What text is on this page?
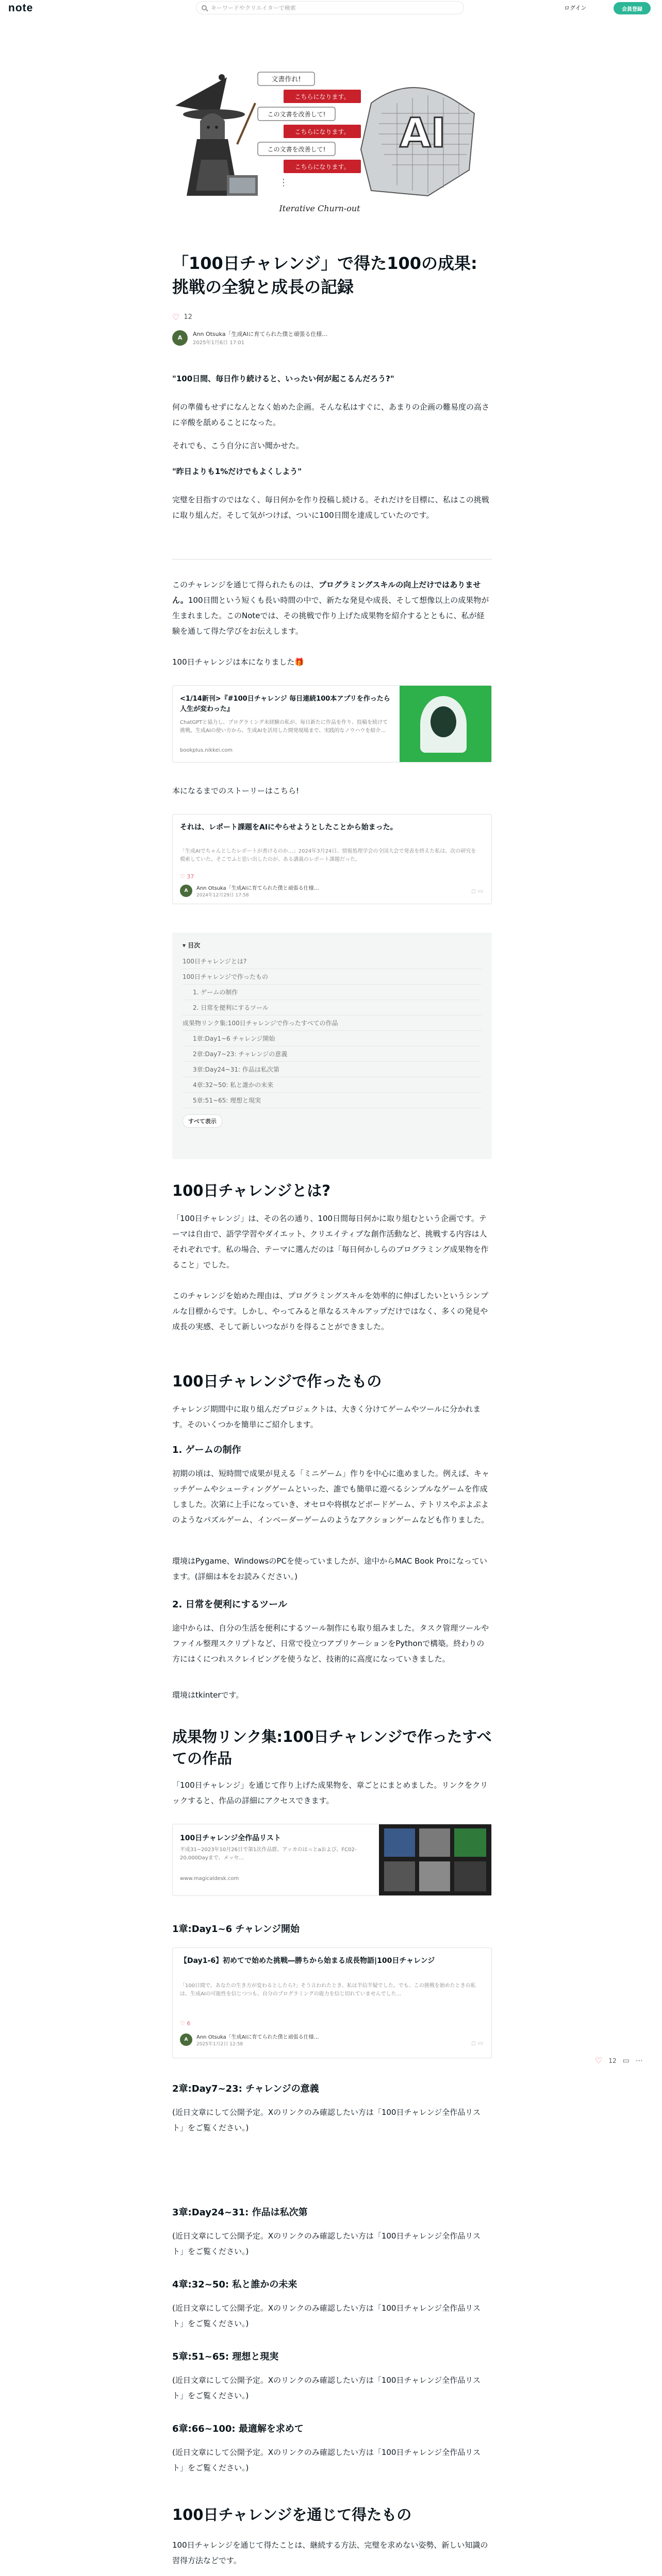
note	キーワードやクリエイターで検索	ログイン	会員登録
文書作れ!
こちらになります。
この文書を改善して!
こちらになります。
この文書を改善して!
こちらになります。
⋮
AI
Iterative Churn-out
「100日チャレンジ」で得た100の成果:挑戦の全貌と成長の記録
♡ 12
A
Ann Otsuka「生成AIに育てられた僕と頑張る仕様…
2025年1月6日 17:01

"100日間、毎日作り続けると、いったい何が起こるんだろう?"

何の準備もせずになんとなく始めた企画。そんな私はすぐに、あまりの企画の難易度の高さに辛酸を舐めることになった。

それでも、こう自分に言い聞かせた。

"昨日よりも1%だけでもよくしよう"

完璧を目指すのではなく、毎日何かを作り投稿し続ける。それだけを目標に、私はこの挑戦に取り組んだ。そして気がつけば、ついに100日間を達成していたのです。

このチャレンジを通じて得られたものは、プログラミングスキルの向上だけではありません。100日間という短くも長い時間の中で、新たな発見や成長、そして想像以上の成果物が生まれました。このNoteでは、その挑戦で作り上げた成果物を紹介するとともに、私が経験を通して得た学びをお伝えします。

100日チャレンジは本になりました🎁

<1/14新刊>『#100日チャレンジ 毎日連続100本アプリを作ったら人生が変わった』
ChatGPTと協力し、プログラミング未経験の私が、毎日新たに作品を作り、投稿を続けて挑戦。生成AIの使い方から、生成AIを活用した開発現場まで、実践的なノウハウを紹介…
bookplus.nikkei.com

本になるまでのストーリーはこちら!

それは、レポート課題をAIにやらせようとしたことから始まった。
「生成AIでちゃんとしたレポートが書けるのか…」2024年3月24日、情報処理学会の全国大会で発表を終えた私は、次の研究を模索していた。そこでふと思い出したのが、ある講義のレポート課題だった。
♡ 37
A	Ann Otsuka「生成AIに育てられた僕と頑張る仕様…
2024年12月29日 17:58
◻ ▭
▾ 目次
100日チャレンジとは?
100日チャレンジで作ったもの
1. ゲームの制作
2. 日常を便利にするツール
成果物リンク集:100日チャレンジで作ったすべての作品
1章:Day1~6 チャレンジ開始
2章:Day7~23: チャレンジの意義
3章:Day24~31: 作品は私次第
4章:32~50: 私と誰かの未来
5章:51~65: 理想と現実
すべて表示
100日チャレンジとは?

「100日チャレンジ」は、その名の通り、100日間毎日何かに取り組むという企画です。テーマは自由で、語学学習やダイエット、クリエイティブな創作活動など、挑戦する内容は人それぞれです。私の場合、テーマに選んだのは「毎日何かしらのプログラミング成果物を作ること」でした。

このチャレンジを始めた理由は、プログラミングスキルを効率的に伸ばしたいというシンプルな目標からです。しかし、やってみると単なるスキルアップだけではなく、多くの発見や成長の実感、そして新しいつながりを得ることができました。

100日チャレンジで作ったもの

チャレンジ期間中に取り組んだプロジェクトは、大きく分けてゲームやツールに分かれます。そのいくつかを簡単にご紹介します。

1. ゲームの制作

初期の頃は、短時間で成果が見える「ミニゲーム」作りを中心に進めました。例えば、キャッチゲームやシューティングゲームといった、誰でも簡単に遊べるシンプルなゲームを作成しました。次第に上手になっていき、オセロや将棋などボードゲーム、テトリスやぷよぷよのようなパズルゲーム、インベーダーゲームのようなアクションゲームなども作りました。

環境はPygame、WindowsのPCを使っていましたが、途中からMAC Book Proになっています。(詳細は本をお読みください。)

2. 日常を便利にするツール

途中からは、自分の生活を便利にするツール制作にも取り組みました。タスク管理ツールやファイル整理スクリプトなど、日常で役立つアプリケーションをPythonで構築。終わりの方にはくにつれスクレイピングを使うなど、技術的に高度になっていきました。

環境はtkinterです。

成果物リンク集:100日チャレンジで作ったすべての作品

「100日チャレンジ」を通じて作り上げた成果物を、章ごとにまとめました。リンクをクリックすると、作品の詳細にアクセスできます。

100日チャレンジ全作品リスト
平成31~2023年10月26日で第1次作品群。アッカのはっとaおよび、FC02-20,000Dayまで、メッセ…
www.magicaldesk.com
1章:Day1~6 チャレンジ開始
【Day1-6】初めてで始めた挑戦―勝ちから始まる成長物語|100日チャレンジ
「100日間で、あなたの生き方が変わるとしたら?」そう言われたとき、私は半信半疑でした。でも、この挑戦を始めたときの私は、生成AIの可能性を信じつつも、自分のプログラミングの能力を信じ切れていませんでした…
♡ 6
A	Ann Otsuka「生成AIに育てられた僕と頑張る仕様…
2025年1月2日 12:58	◻ ▭
2章:Day7~23: チャレンジの意義

(近日文章にして公開予定。Xのリンクのみ確認したい方は「100日チャレンジ全作品リスト」をご覧ください。)

3章:Day24~31: 作品は私次第

(近日文章にして公開予定。Xのリンクのみ確認したい方は「100日チャレンジ全作品リスト」をご覧ください。)

4章:32~50: 私と誰かの未来

(近日文章にして公開予定。Xのリンクのみ確認したい方は「100日チャレンジ全作品リスト」をご覧ください。)

5章:51~65: 理想と現実

(近日文章にして公開予定。Xのリンクのみ確認したい方は「100日チャレンジ全作品リスト」をご覧ください。)

6章:66~100: 最適解を求めて

(近日文章にして公開予定。Xのリンクのみ確認したい方は「100日チャレンジ全作品リスト」をご覧ください。)

100日チャレンジを通じて得たもの

100日チャレンジを通じて得たことは、継続する方法、完璧を求めない姿勢、新しい知識の習得方法などです。

♡ 12 ▭ ⋯
